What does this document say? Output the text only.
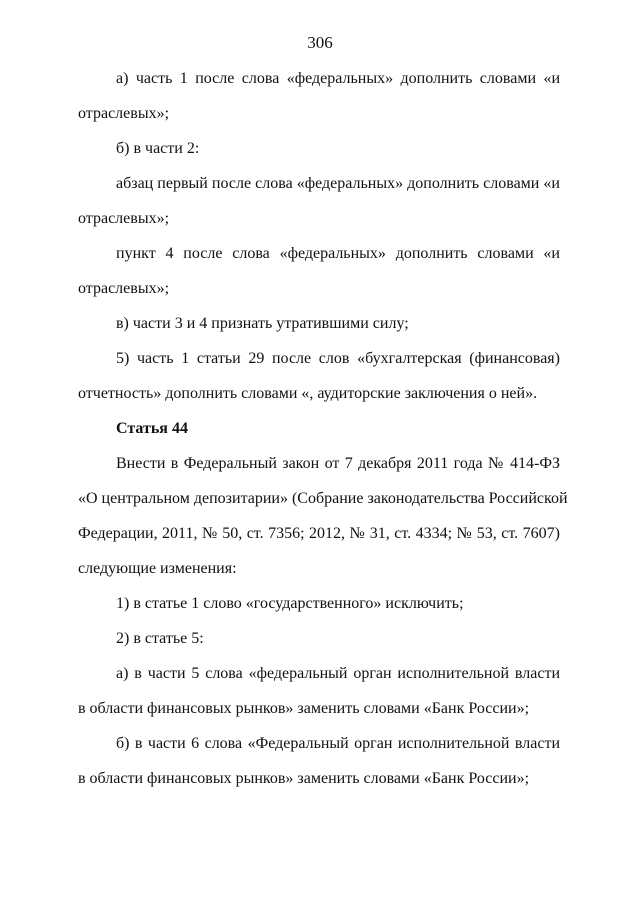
306
а) часть 1 после слова «федеральных» дополнить словами «и
отраслевых»;
б) в части 2:
абзац первый после слова «федеральных» дополнить словами «и
отраслевых»;
пункт 4 после слова «федеральных» дополнить словами «и
отраслевых»;
в) части 3 и 4 признать утратившими силу;
5) часть 1 статьи 29 после слов «бухгалтерская (финансовая)
отчетность» дополнить словами «, аудиторские заключения о ней».
Статья 44
Внести в Федеральный закон от 7 декабря 2011 года № 414-ФЗ
«О центральном депозитарии» (Собрание законодательства Российской
Федерации, 2011, № 50, ст. 7356; 2012, № 31, ст. 4334; № 53, ст. 7607)
следующие изменения:
1) в статье 1 слово «государственного» исключить;
2) в статье 5:
а) в части 5 слова «федеральный орган исполнительной власти
в области финансовых рынков» заменить словами «Банк России»;
б) в части 6 слова «Федеральный орган исполнительной власти
в области финансовых рынков» заменить словами «Банк России»;
